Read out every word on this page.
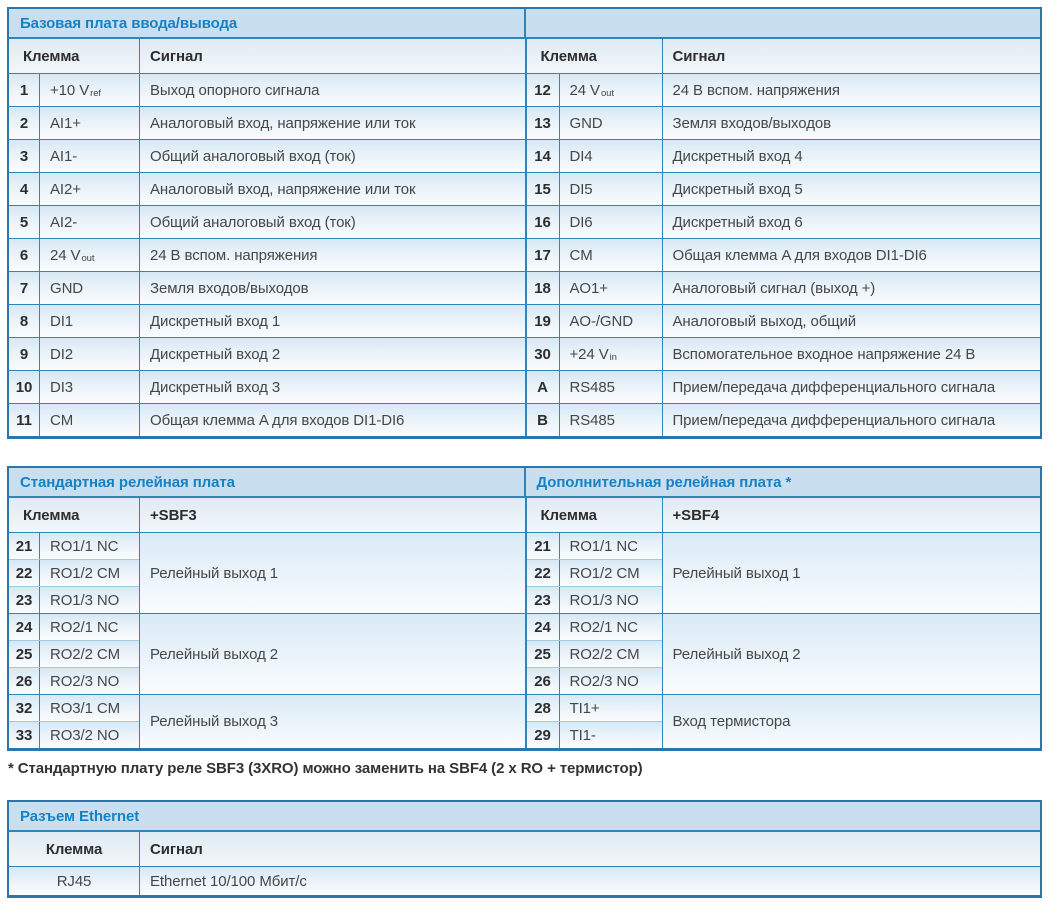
Базовая плата ввода/вывода
Клемма	Сигнал
1	+10 V ref	Выход опорного сигнала
2	AI1+	Аналоговый вход, напряжение или ток
3	AI1-	Общий аналоговый вход (ток)
4	AI2+	Аналоговый вход, напряжение или ток
5	AI2-	Общий аналоговый вход (ток)
6	24 V out	24 В вспом. напряжения
7	GND	Земля входов/выходов
8	DI1	Дискретный вход 1
9	DI2	Дискретный вход 2
10	DI3	Дискретный вход 3
11	CM	Общая клемма A для входов DI1-DI6
Клемма	Сигнал
12	24 V out	24 В вспом. напряжения
13	GND	Земля входов/выходов
14	DI4	Дискретный вход 4
15	DI5	Дискретный вход 5
16	DI6	Дискретный вход 6
17	CM	Общая клемма A для входов DI1-DI6
18	AO1+	Аналоговый сигнал (выход +)
19	AO-/GND	Аналоговый выход, общий
30	+24 V in	Вспомогательное входное напряжение 24 В
A	RS485	Прием/передача дифференциального сигнала
B	RS485	Прием/передача дифференциального сигнала
Стандартная релейная плата	Дополнительная релейная плата *
Клемма	+SBF3
21	RO1/1 NC
22	RO1/2 CM
23	RO1/3 NO
Релейный выход 1
24	RO2/1 NC
25	RO2/2 CM
26	RO2/3 NO
Релейный выход 2
32	RO3/1 CM
33	RO3/2 NO
Релейный выход 3
Клемма	+SBF4
21	RO1/1 NC
22	RO1/2 CM
23	RO1/3 NO
Релейный выход 1
24	RO2/1 NC
25	RO2/2 CM
26	RO2/3 NO
Релейный выход 2
28	TI1+
29	TI1-
Вход термистора
* Стандартную плату реле SBF3 (3XRO) можно заменить на SBF4 (2 x RO + термистор)
Разъем Ethernet
Клемма	Сигнал
RJ45	Ethernet 10/100 Мбит/с
